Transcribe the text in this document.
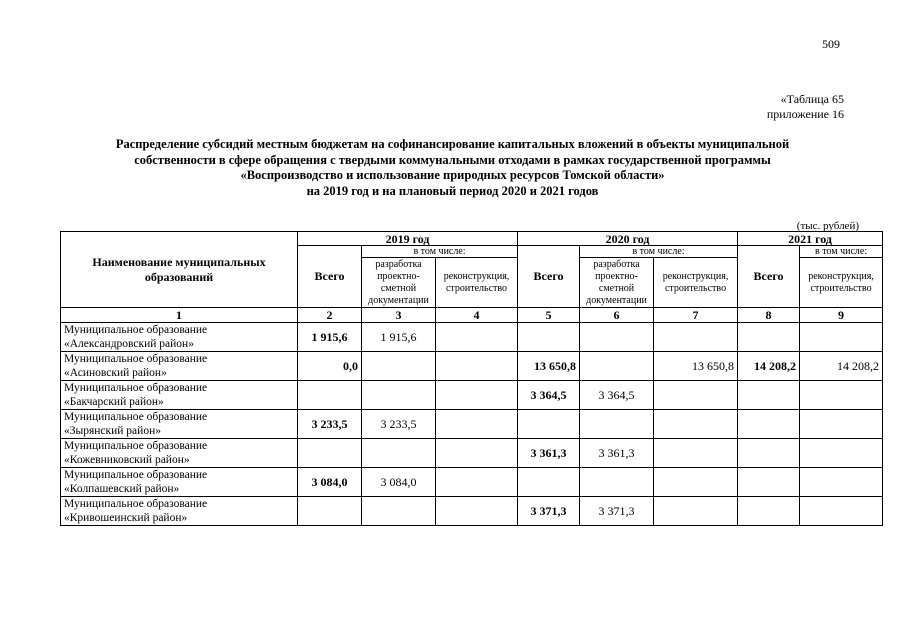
509
«Таблица 65
приложение 16
Распределение субсидий местным бюджетам на софинансирование капитальных вложений в объекты муниципальной
собственности в сфере обращения с твердыми коммунальными отходами в рамках государственной программы
«Воспроизводство и использование природных ресурсов Томской области»
на 2019 год и на плановый период 2020 и 2021 годов
(тыс. рублей)
Наименование муниципальных образований	2019 год			2020 год			2021 год	
	Всего	в том числе:		Всего	в том числе:		Всего	в том числе:
		разработка проектно-сметной документации	реконструкция, строительство		разработка проектно-сметной документации	реконструкция, строительство		реконструкция, строительство
1	2	3	4	5	6	7	8	9

Муниципальное образование
«Александровский район»	1 915,6	1 915,6						

Муниципальное образование
«Асиновский район»	0,0			13 650,8		13 650,8	14 208,2	14 208,2

Муниципальное образование
«Бакчарский район»				3 364,5	3 364,5			

Муниципальное образование
«Зырянский район»	3 233,5	3 233,5						

Муниципальное образование
«Кожевниковский район»				3 361,3	3 361,3			

Муниципальное образование
«Колпашевский район»	3 084,0	3 084,0						

Муниципальное образование
«Кривошеинский район»				3 371,3	3 371,3			
